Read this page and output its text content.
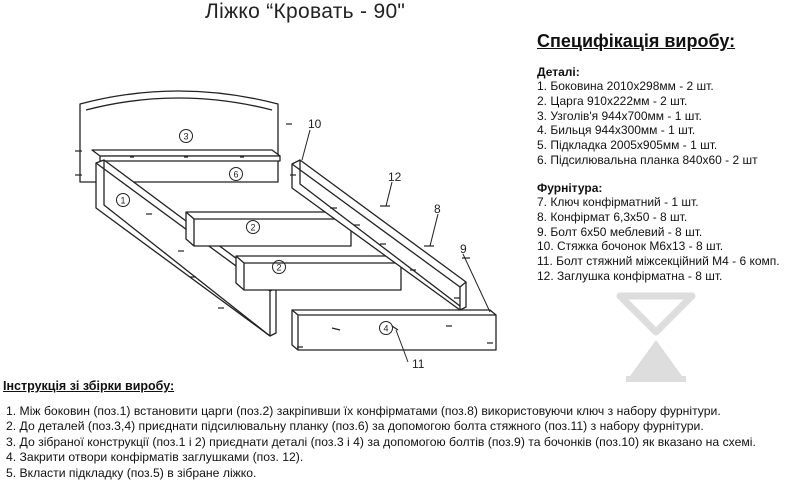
Ліжко “Кровать - 90"
Специфікація виробу:
Деталі:
1. Боковина 2010х298мм - 2 шт.
2. Царга 910х222мм - 2 шт.
3. Узголів'я 944х700мм - 1 шт.
4. Бильця 944х300мм - 1 шт.
5. Підкладка 2005х905мм - 1 шт.
6. Підсилювальна планка 840х60 - 2 шт
Фурнітура:
7. Ключ конфірматний - 1 шт.
8. Конфірмат 6,3х50 - 8 шт.
9. Болт 6х50 меблевий - 8 шт.
10. Стяжка бочонок М6х13 - 8 шт.
11. Болт стяжний міжсекційний М4 - 6 комп.
12. Заглушка конфірматна - 8 шт.
3
1
2
2
4
6
10
12
8
9
11
Інструкція зі збірки виробу:
1. Між боковин (поз.1) встановити царги (поз.2) закріпивши їх конфірматами (поз.8) використовуючи ключ з набору фурнітури.
2. До деталей (поз.3,4) приєднати підсилювальну планку (поз.6) за допомогою болта стяжного (поз.11) з набору фурнітури.
3. До зібраної конструкції (поз.1 і 2) приєднати деталі (поз.3 і 4) за допомогою болтів (поз.9) та бочонків (поз.10) як вказано на схемі.
4. Закрити отвори конфірматів заглушками (поз. 12).
5. Вкласти підкладку (поз.5) в зібране ліжко.
